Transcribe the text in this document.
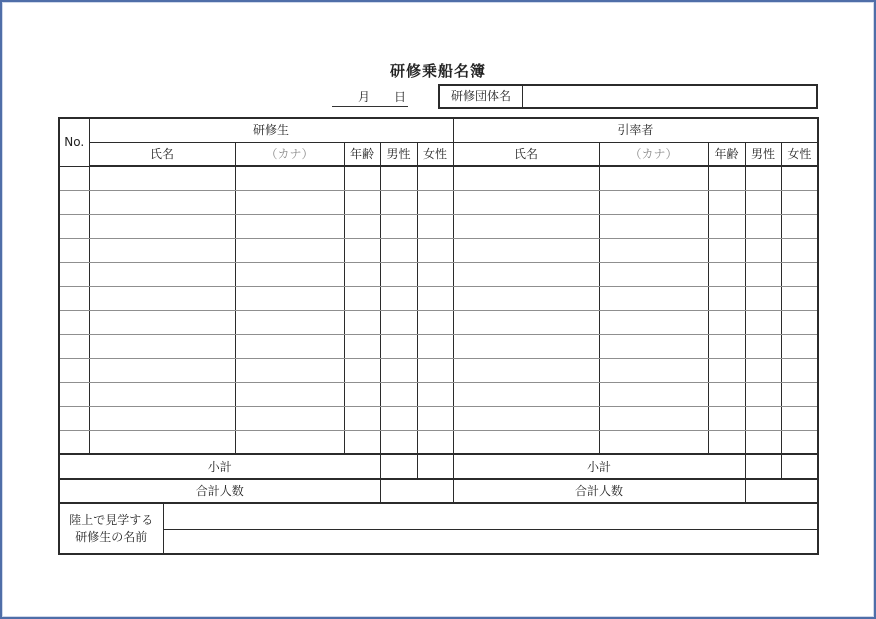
研修乗船名簿
月 日	研修団体名
No.	研修生	引率者
氏名	（カナ）	年齢	男性	女性	氏名	（カナ）	年齢	男性	女性

小計			小計		
合計人数		合計人数	

陸上で見学する
研修生の名前
